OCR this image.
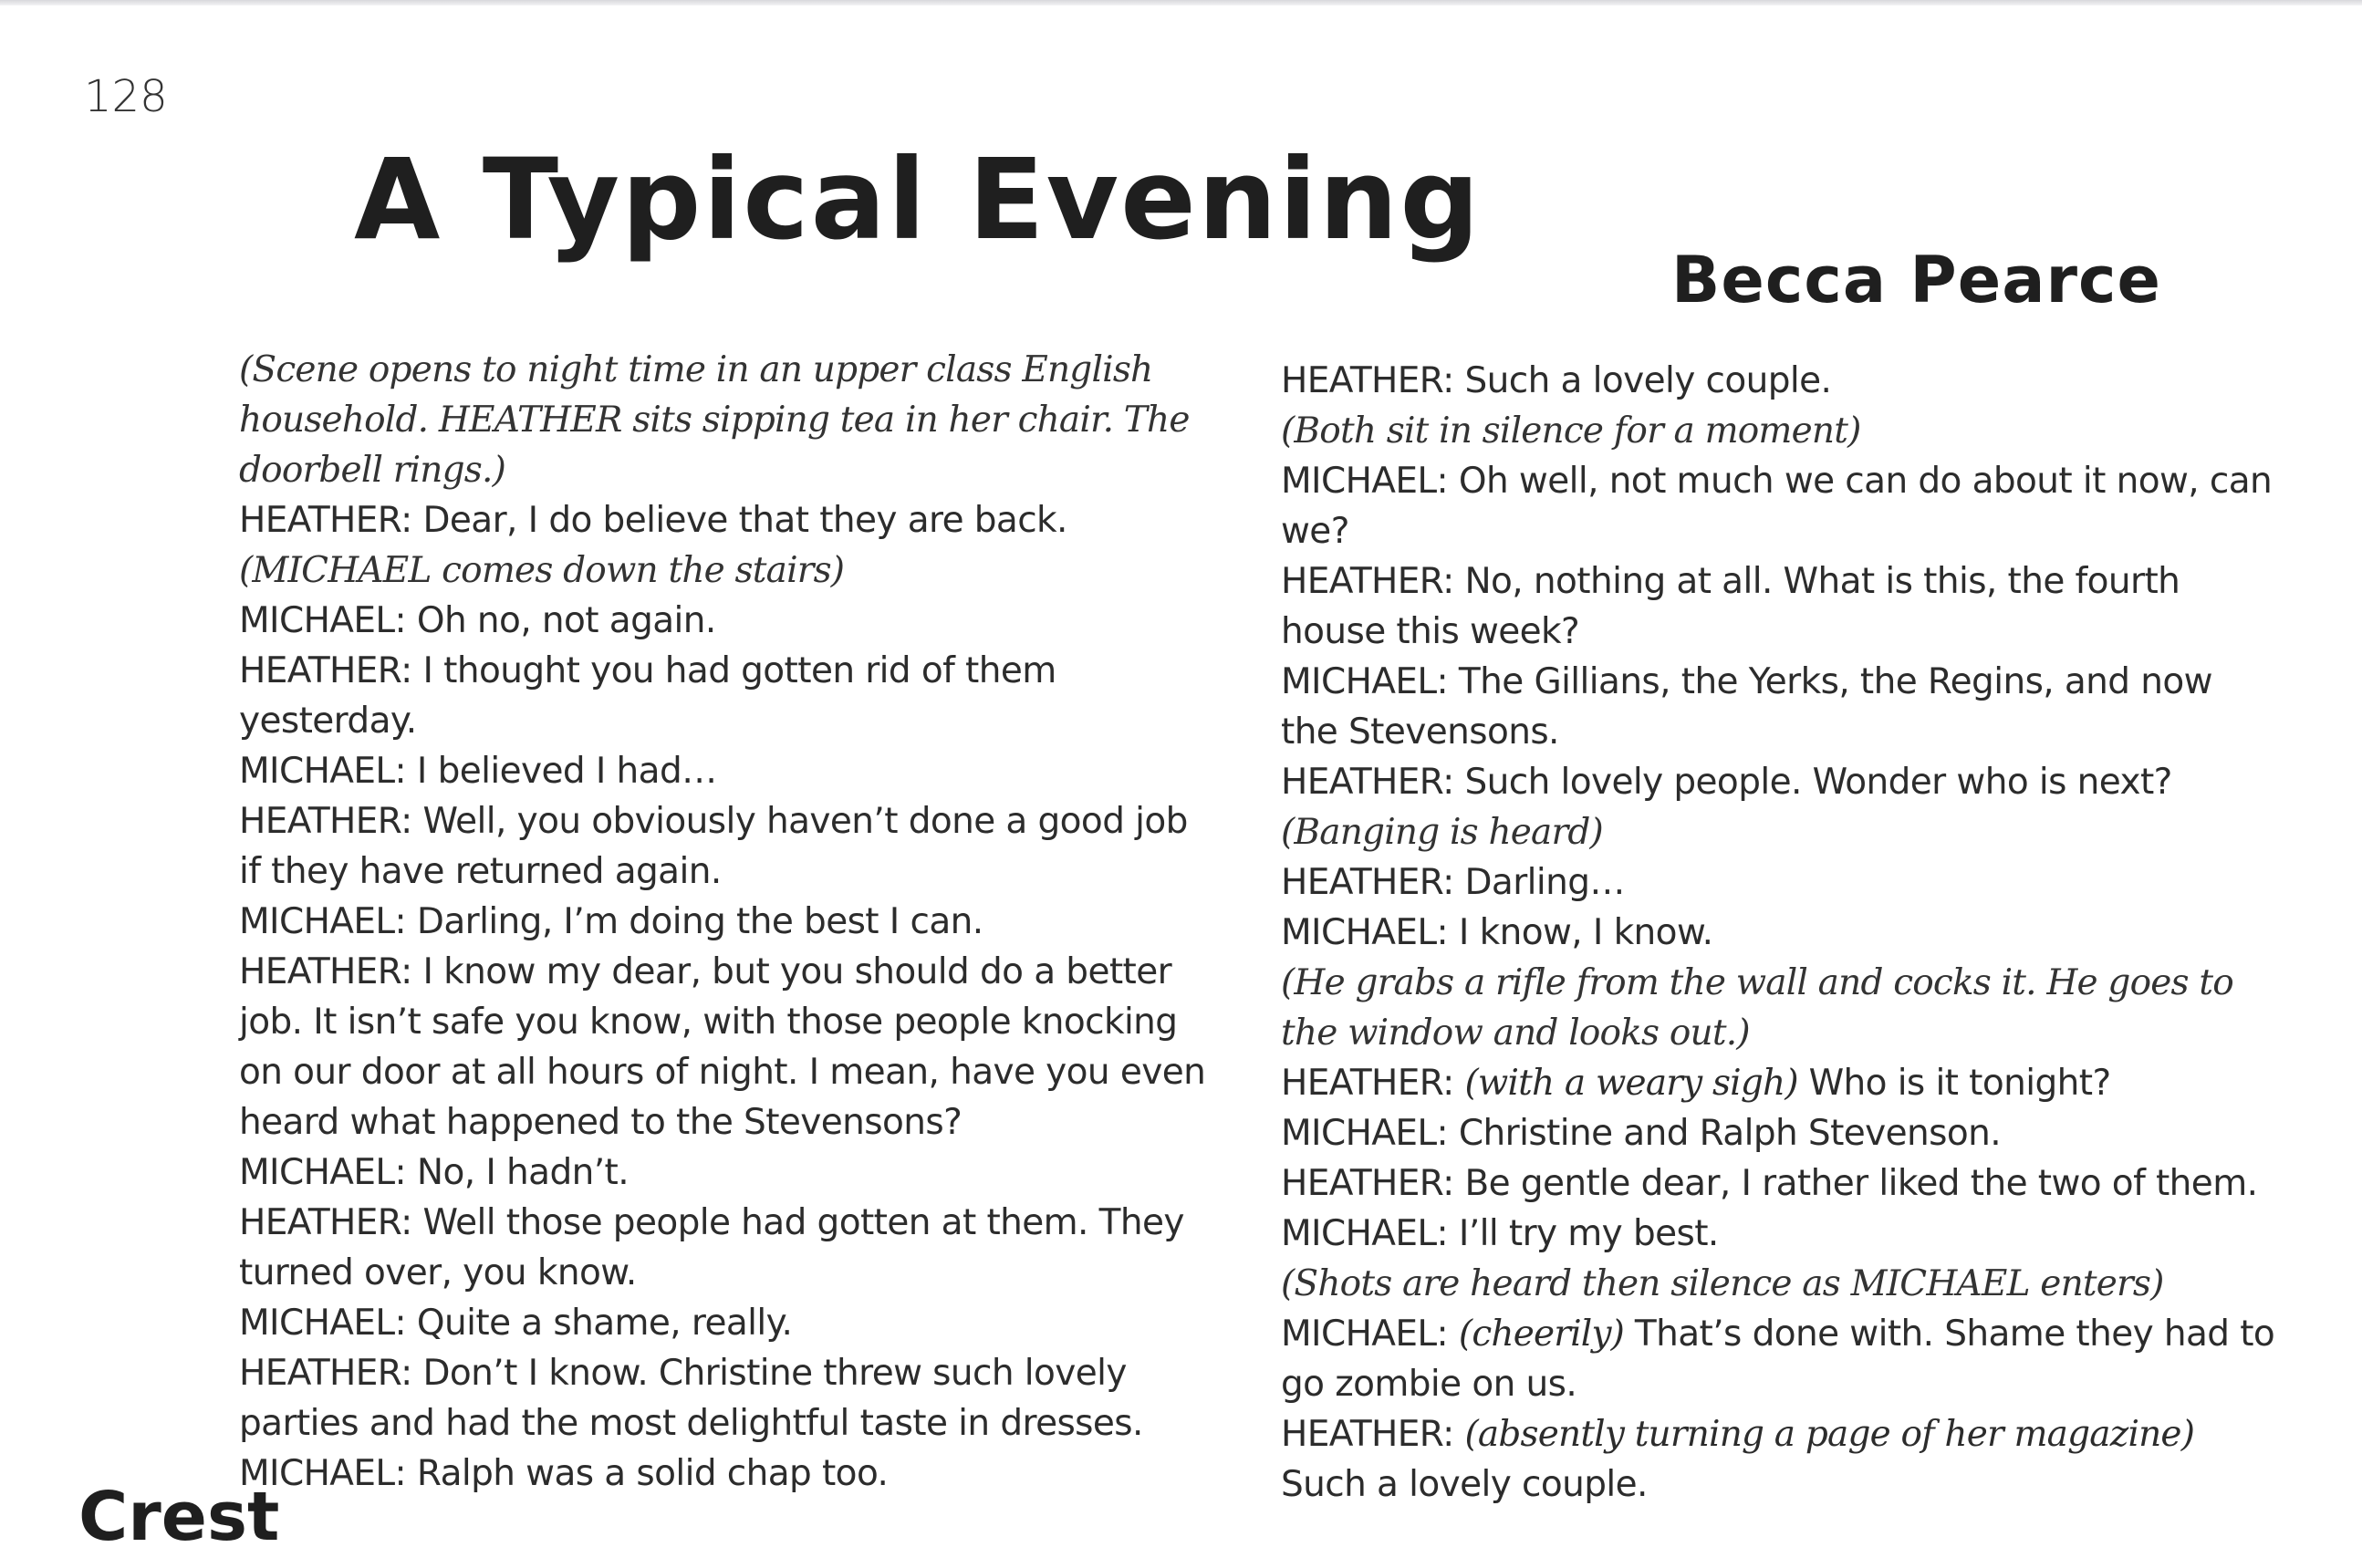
128
A Typical Evening
Becca Pearce

(Scene opens to night time in an upper class English household. HEATHER sits sipping tea in her chair. The doorbell rings.)

HEATHER: Dear, I do believe that they are back.

(MICHAEL comes down the stairs)

MICHAEL: Oh no, not again.

HEATHER: I thought you had gotten rid of them yesterday.

MICHAEL: I believed I had…

HEATHER: Well, you obviously haven’t done a good job if they have returned again.

MICHAEL: Darling, I’m doing the best I can.

HEATHER: I know my dear, but you should do a better job. It isn’t safe you know, with those people knocking on our door at all hours of night. I mean, have you even heard what happened to the Stevensons?

MICHAEL: No, I hadn’t.

HEATHER: Well those people had gotten at them. They turned over, you know.

MICHAEL: Quite a shame, really.

HEATHER: Don’t I know. Christine threw such lovely parties and had the most delightful taste in dresses.

MICHAEL: Ralph was a solid chap too.

HEATHER: Such a lovely couple.

(Both sit in silence for a moment)

MICHAEL: Oh well, not much we can do about it now, can we?

HEATHER: No, nothing at all. What is this, the fourth house this week?

MICHAEL: The Gillians, the Yerks, the Regins, and now the Stevensons.

HEATHER: Such lovely people. Wonder who is next?

(Banging is heard)

HEATHER: Darling…

MICHAEL: I know, I know.

(He grabs a rifle from the wall and cocks it. He goes to the window and looks out.)

HEATHER: (with a weary sigh) Who is it tonight?

MICHAEL: Christine and Ralph Stevenson.

HEATHER: Be gentle dear, I rather liked the two of them.

MICHAEL: I’ll try my best.

(Shots are heard then silence as MICHAEL enters)

MICHAEL: (cheerily) That’s done with. Shame they had to go zombie on us.

HEATHER: (absently turning a page of her magazine) Such a lovely couple.

Crest
